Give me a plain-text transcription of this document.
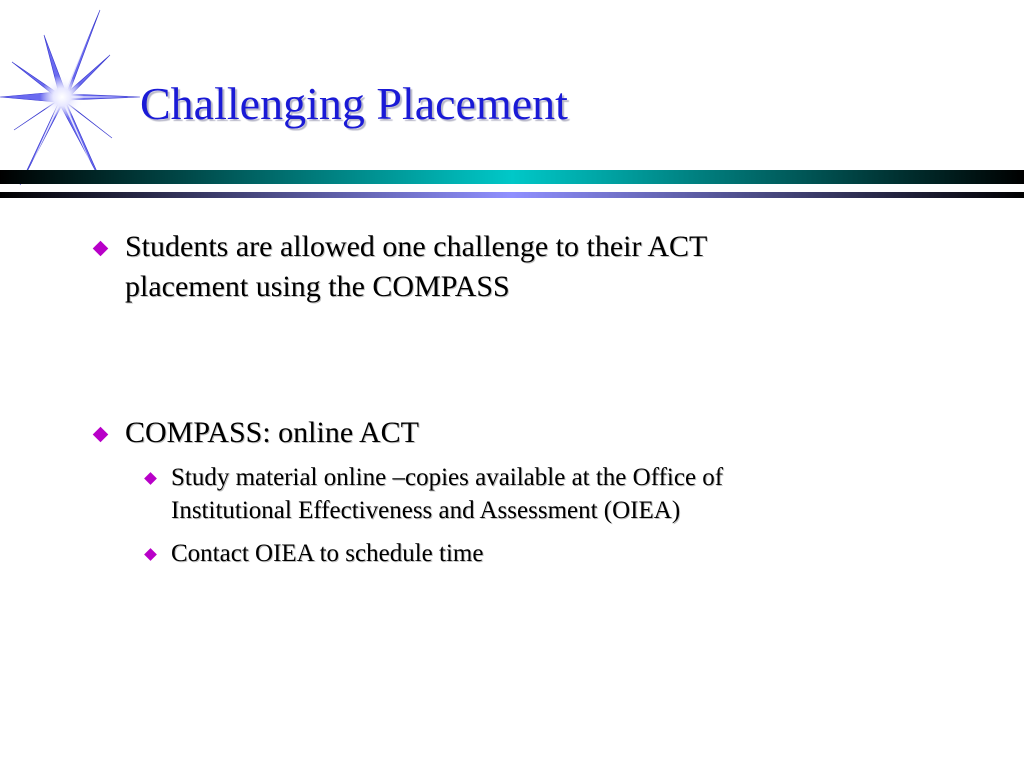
Challenging Placement
Students are allowed one challenge to their ACT
placement using the COMPASS
COMPASS: online ACT
Study material online –copies available at the Office of
Institutional Effectiveness and Assessment (OIEA)
Contact OIEA to schedule time
